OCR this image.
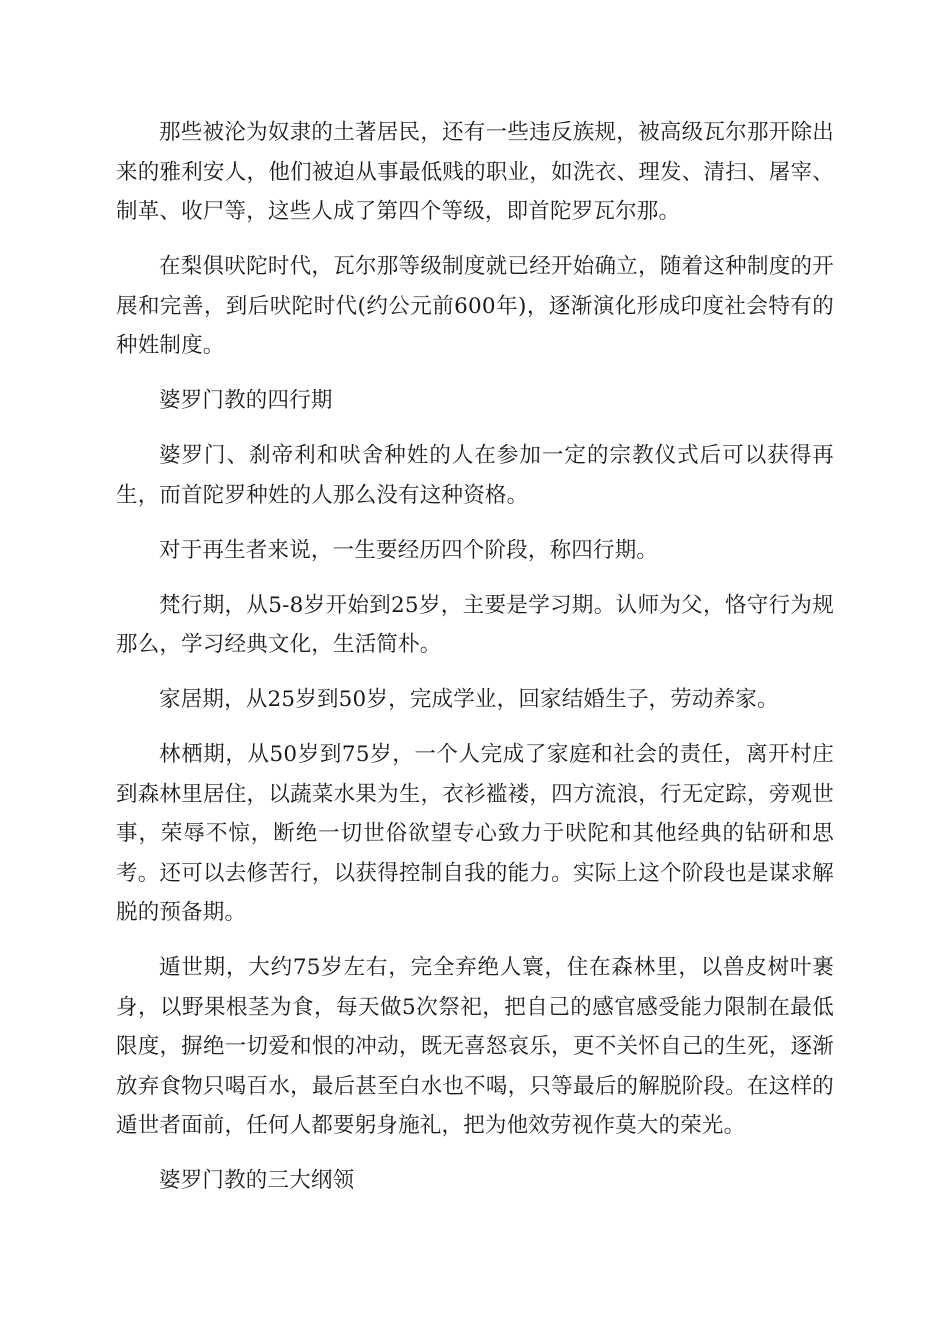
那些被沦为奴隶的土著居民，还有一些违反族规，被高级瓦尔那开除出来的雅利安人，他们被迫从事最低贱的职业，如洗衣、理发、清扫、屠宰、制革、收尸等，这些人成了第四个等级，即首陀罗瓦尔那。

在梨俱吠陀时代，瓦尔那等级制度就已经开始确立，随着这种制度的开展和完善，到后吠陀时代(约公元前600年)，逐渐演化形成印度社会特有的种姓制度。

婆罗门教的四行期

婆罗门、刹帝利和吠舍种姓的人在参加一定的宗教仪式后可以获得再生，而首陀罗种姓的人那么没有这种资格。

对于再生者来说，一生要经历四个阶段，称四行期。

梵行期，从5-8岁开始到25岁，主要是学习期。认师为父，恪守行为规那么，学习经典文化，生活简朴。

家居期，从25岁到50岁，完成学业，回家结婚生子，劳动养家。

林栖期，从50岁到75岁，一个人完成了家庭和社会的责任，离开村庄到森林里居住，以蔬菜水果为生，衣衫褴褛，四方流浪，行无定踪，旁观世事，荣辱不惊，断绝一切世俗欲望专心致力于吠陀和其他经典的钻研和思考。还可以去修苦行，以获得控制自我的能力。实际上这个阶段也是谋求解脱的预备期。

遁世期，大约75岁左右，完全弃绝人寰，住在森林里，以兽皮树叶裹身，以野果根茎为食，每天做5次祭祀，把自己的感官感受能力限制在最低限度，摒绝一切爱和恨的冲动，既无喜怒哀乐，更不关怀自己的生死，逐渐放弃食物只喝百水，最后甚至白水也不喝，只等最后的解脱阶段。在这样的遁世者面前，任何人都要躬身施礼，把为他效劳视作莫大的荣光。

婆罗门教的三大纲领
